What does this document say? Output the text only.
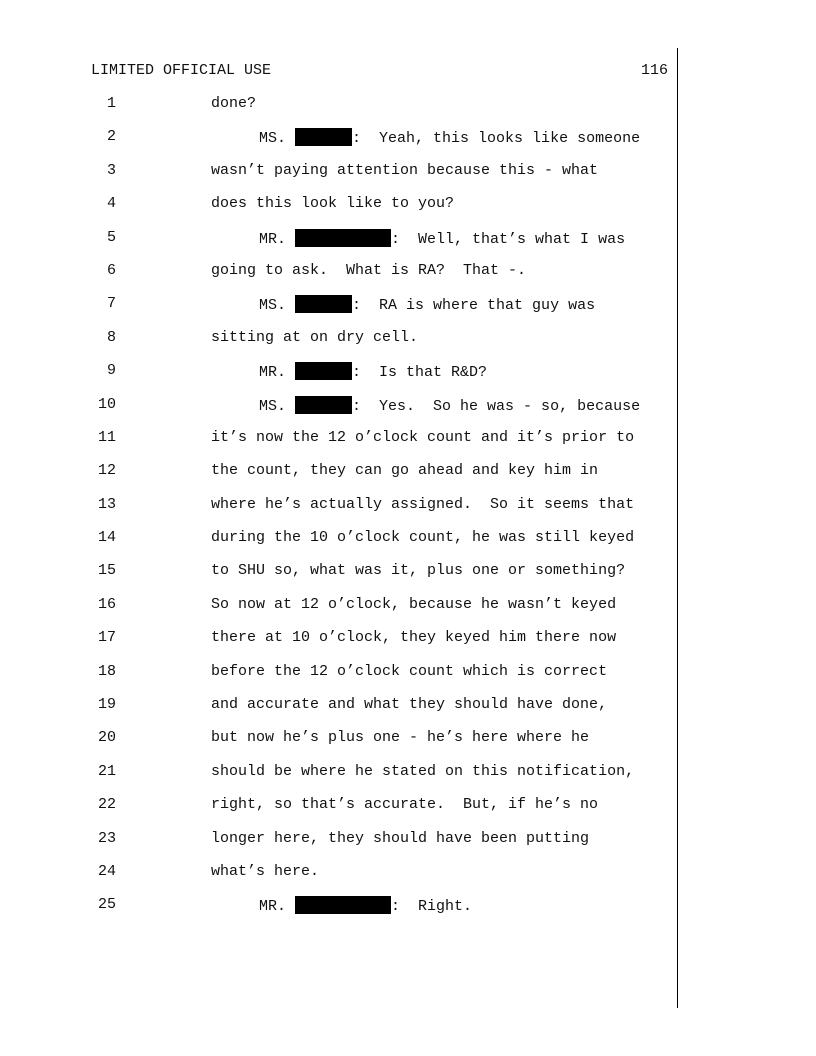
LIMITED OFFICIAL USE	116

1

	done?

2

	MS.	:  Yeah, this looks like someone

3

	wasn’t paying attention because this - what

4

	does this look like to you?

5

	MR.	:  Well, that’s what I was

6

	going to ask.  What is RA?  That -.

7

	MS.	:  RA is where that guy was

8

	sitting at on dry cell.

9

	MR.	:  Is that R&D?

10

	MS.	:  Yes.  So he was - so, because

11

	it’s now the 12 o’clock count and it’s prior to

12

	the count, they can go ahead and key him in

13

	where he’s actually assigned.  So it seems that

14

	during the 10 o’clock count, he was still keyed

15

	to SHU so, what was it, plus one or something?

16

	So now at 12 o’clock, because he wasn’t keyed

17

	there at 10 o’clock, they keyed him there now

18

	before the 12 o’clock count which is correct

19

	and accurate and what they should have done,

20

	but now he’s plus one - he’s here where he

21

	should be where he stated on this notification,

22

	right, so that’s accurate.  But, if he’s no

23

	longer here, they should have been putting

24

	what’s here.

25

	MR.	:  Right.
